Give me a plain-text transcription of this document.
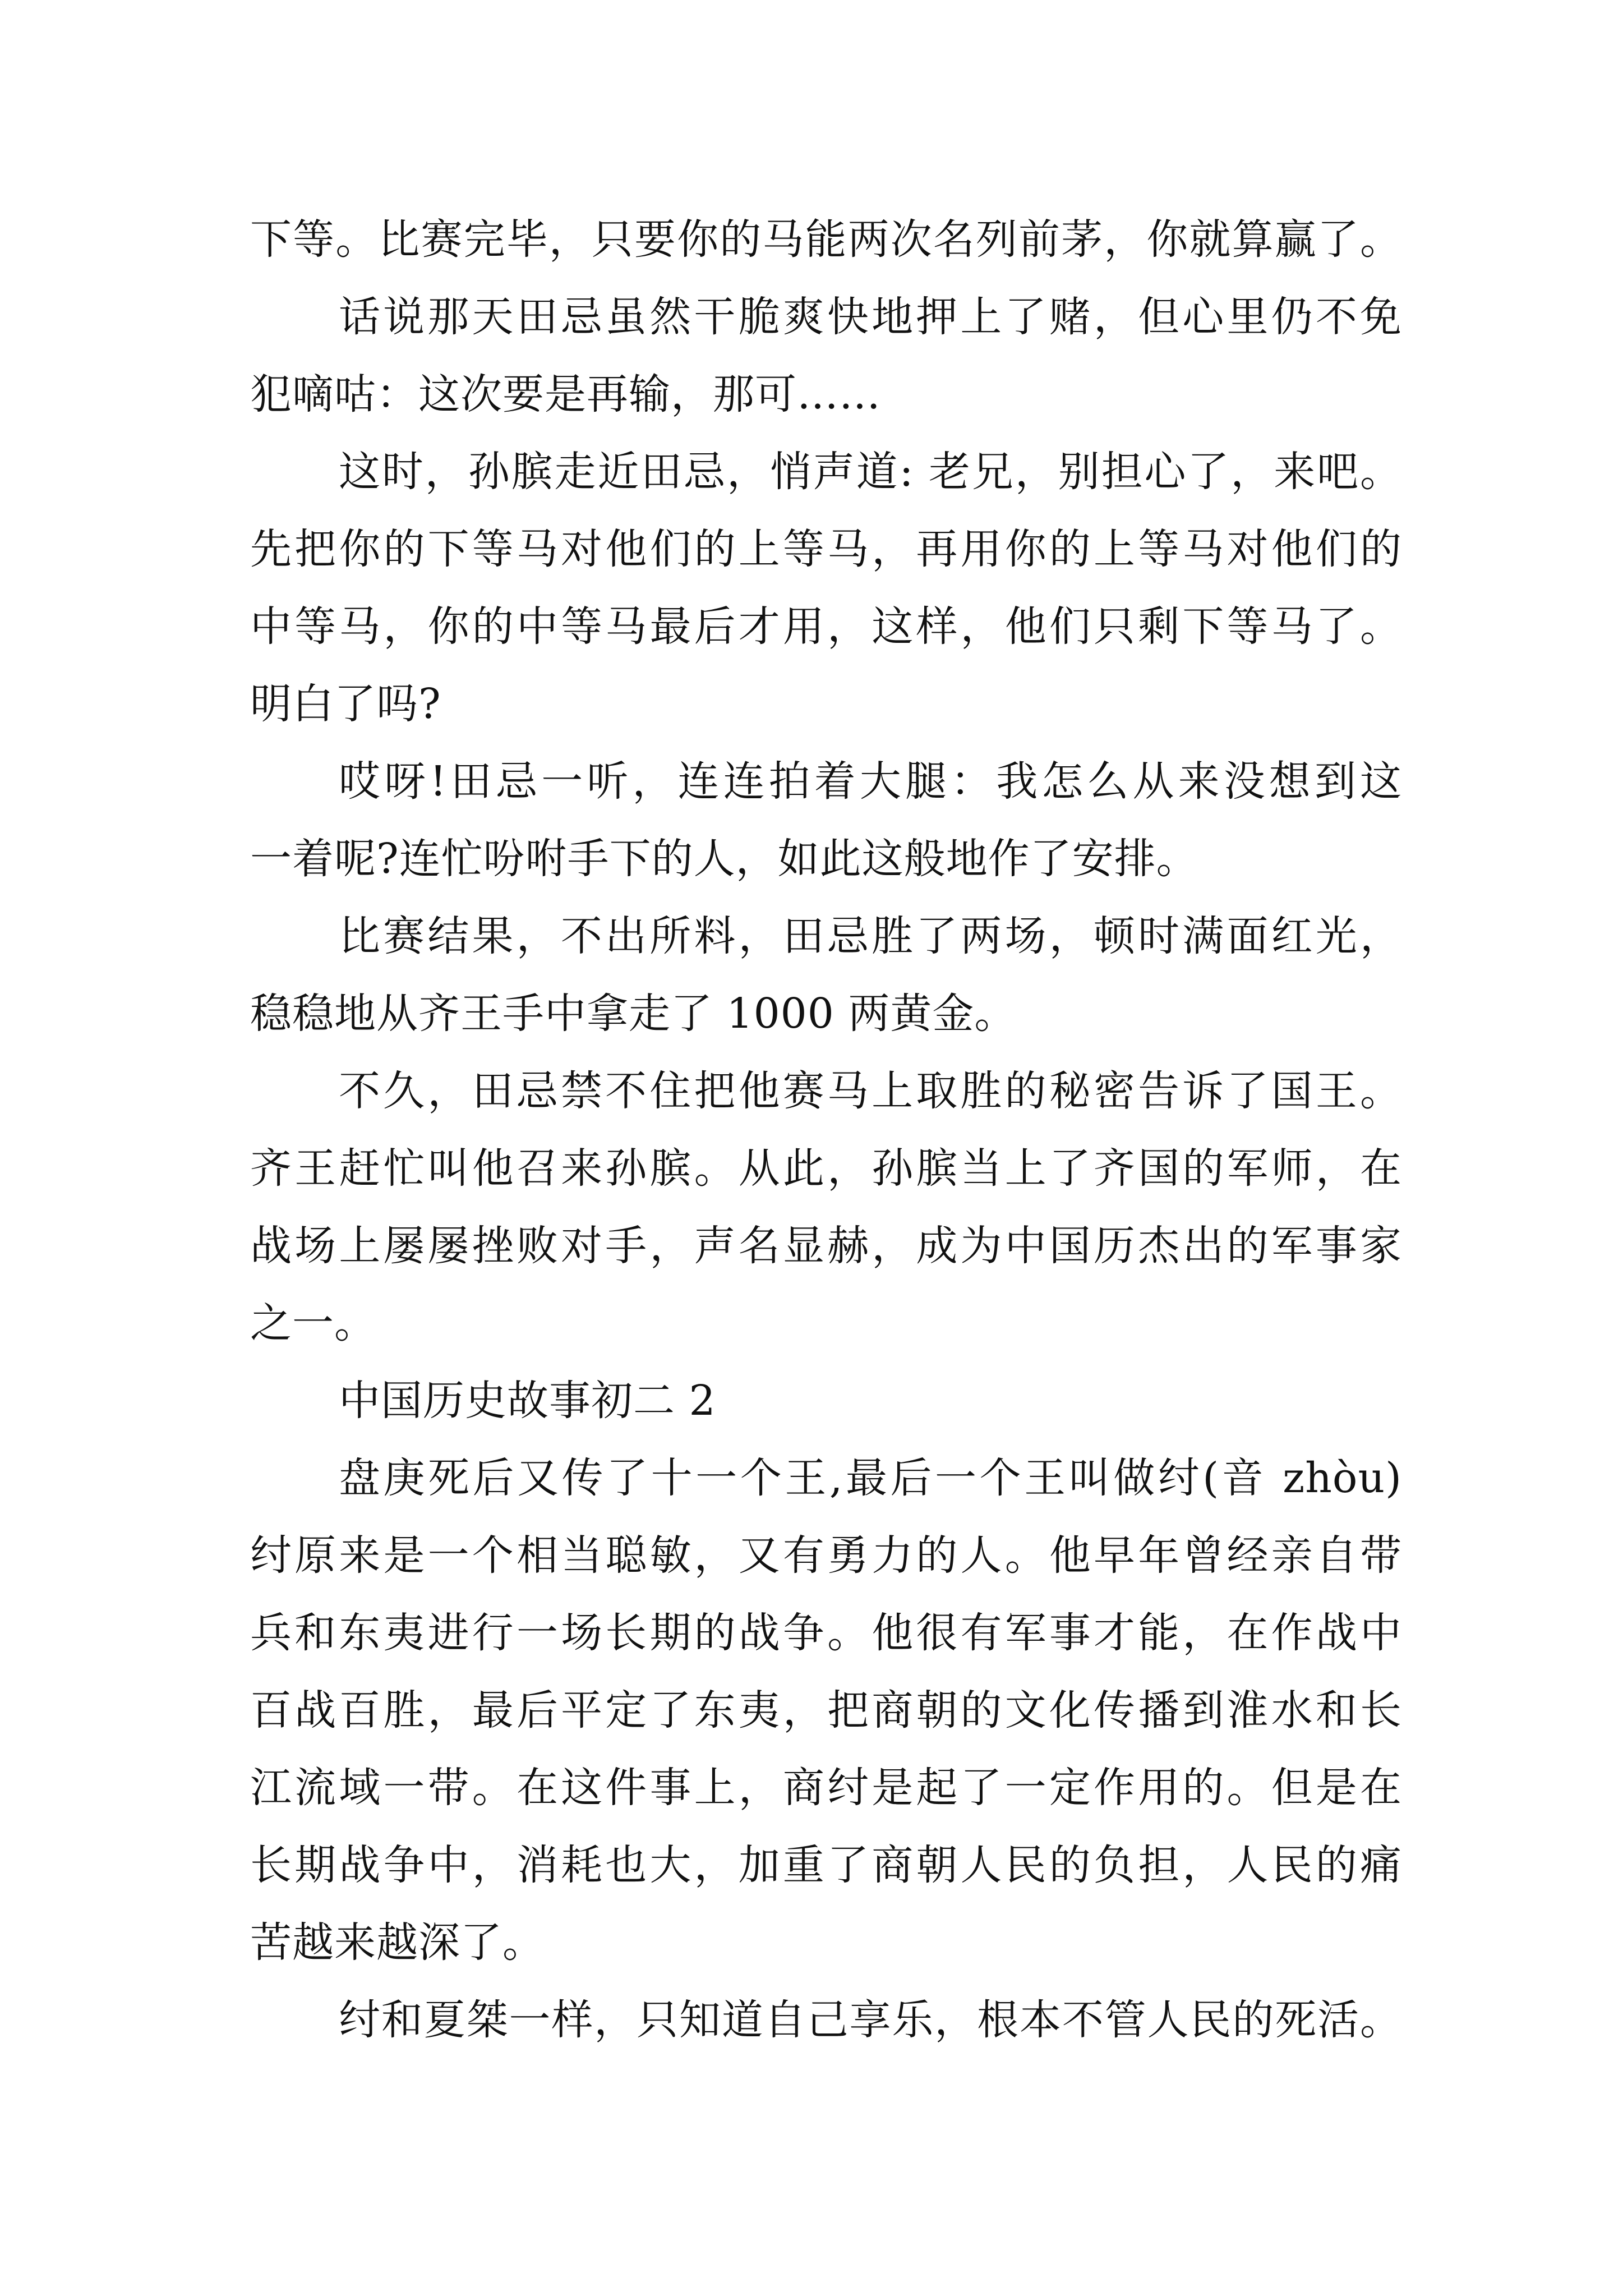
下等。比赛完毕，只要你的马能两次名列前茅，你就算赢了。
话说那天田忌虽然干脆爽快地押上了赌，但心里仍不免
犯嘀咕：这次要是再输，那可……
这时，孙膑走近田忌，悄声道: 老兄，别担心了，来吧。
先把你的下等马对他们的上等马，再用你的上等马对他们的
中等马，你的中等马最后才用，这样，他们只剩下等马了。
明白了吗?
哎呀!田忌一听，连连拍着大腿：我怎么从来没想到这
一着呢?连忙吩咐手下的人，如此这般地作了安排。
比赛结果，不出所料，田忌胜了两场，顿时满面红光，
稳稳地从齐王手中拿走了 1000 两黄金。
不久，田忌禁不住把他赛马上取胜的秘密告诉了国王。
齐王赶忙叫他召来孙膑。从此，孙膑当上了齐国的军师，在
战场上屡屡挫败对手，声名显赫，成为中国历杰出的军事家
之一。
中国历史故事初二 2
盘庚死后又传了十一个王,最后一个王叫做纣(音 zhòu)
纣原来是一个相当聪敏，又有勇力的人。他早年曾经亲自带
兵和东夷进行一场长期的战争。他很有军事才能，在作战中
百战百胜，最后平定了东夷，把商朝的文化传播到淮水和长
江流域一带。在这件事上，商纣是起了一定作用的。但是在
长期战争中，消耗也大，加重了商朝人民的负担，人民的痛
苦越来越深了。
纣和夏桀一样，只知道自己享乐，根本不管人民的死活。
